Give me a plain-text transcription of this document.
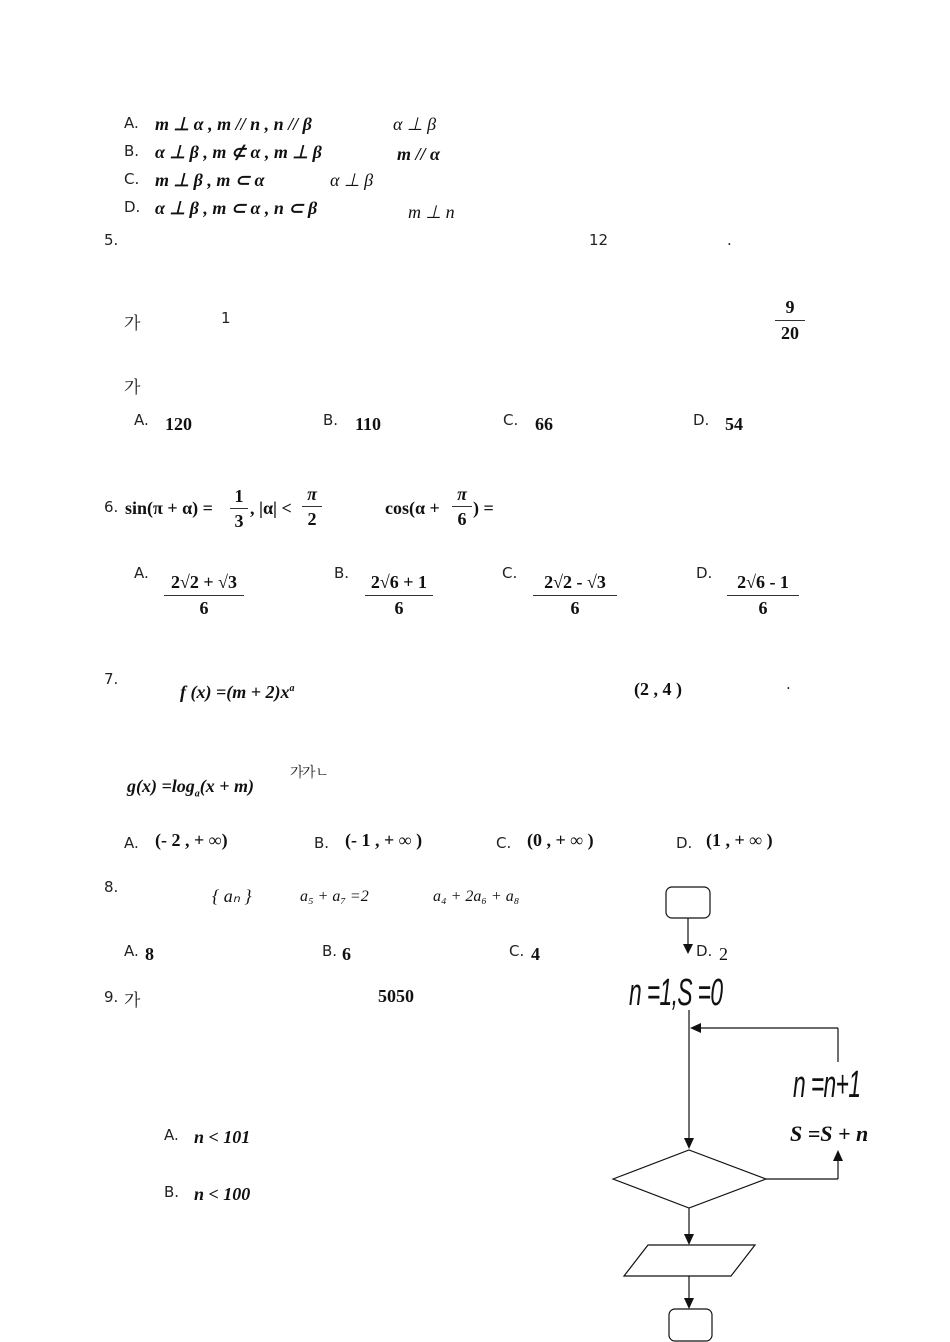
A. m ⊥ α , m // n , n // β	α ⊥ β
B. α ⊥ β , m ⊄ α , m ⊥ β	m // α
C. m ⊥ β , m ⊂ α	α ⊥ β
D. α ⊥ β , m ⊂ α , n ⊂ β	m ⊥ n
5.	12	.
가	1	$\frac{9}{20}$
가
A. 120	B. 110	C. 66	D. 54
6. $\sin(\pi + \alpha) = \frac{1}{3}$ , $|\alpha| < \frac{\pi}{2}$	$\cos(\alpha + \frac{\pi}{6}$ ) =
A. $\frac{2√2 + √3}{6}$	B. $\frac{2√6 + 1}{6}$	C. $\frac{2√2 - √3}{6}$	D. $\frac{2√6 - 1}{6}$
7.
f $(x) =(m + 2)x^a$	(2 , 4 )	.
$g(x) =\log_a(x + m)$
가
가ㄴ
A. (- 2 , + ∞)	B. (- 1 , + ∞ )	C. (0 , + ∞ )	D. (1 , + ∞ )
8.	{ aₙ }	a₅ + a₇ =2	a₄ + 2a₆ + a₈
A. 8	B. 6	C. 4	D. 2
9. 가	5050
A. n < 101
B. n < 100
n =1,S =0
n =n+1
S =S + n
